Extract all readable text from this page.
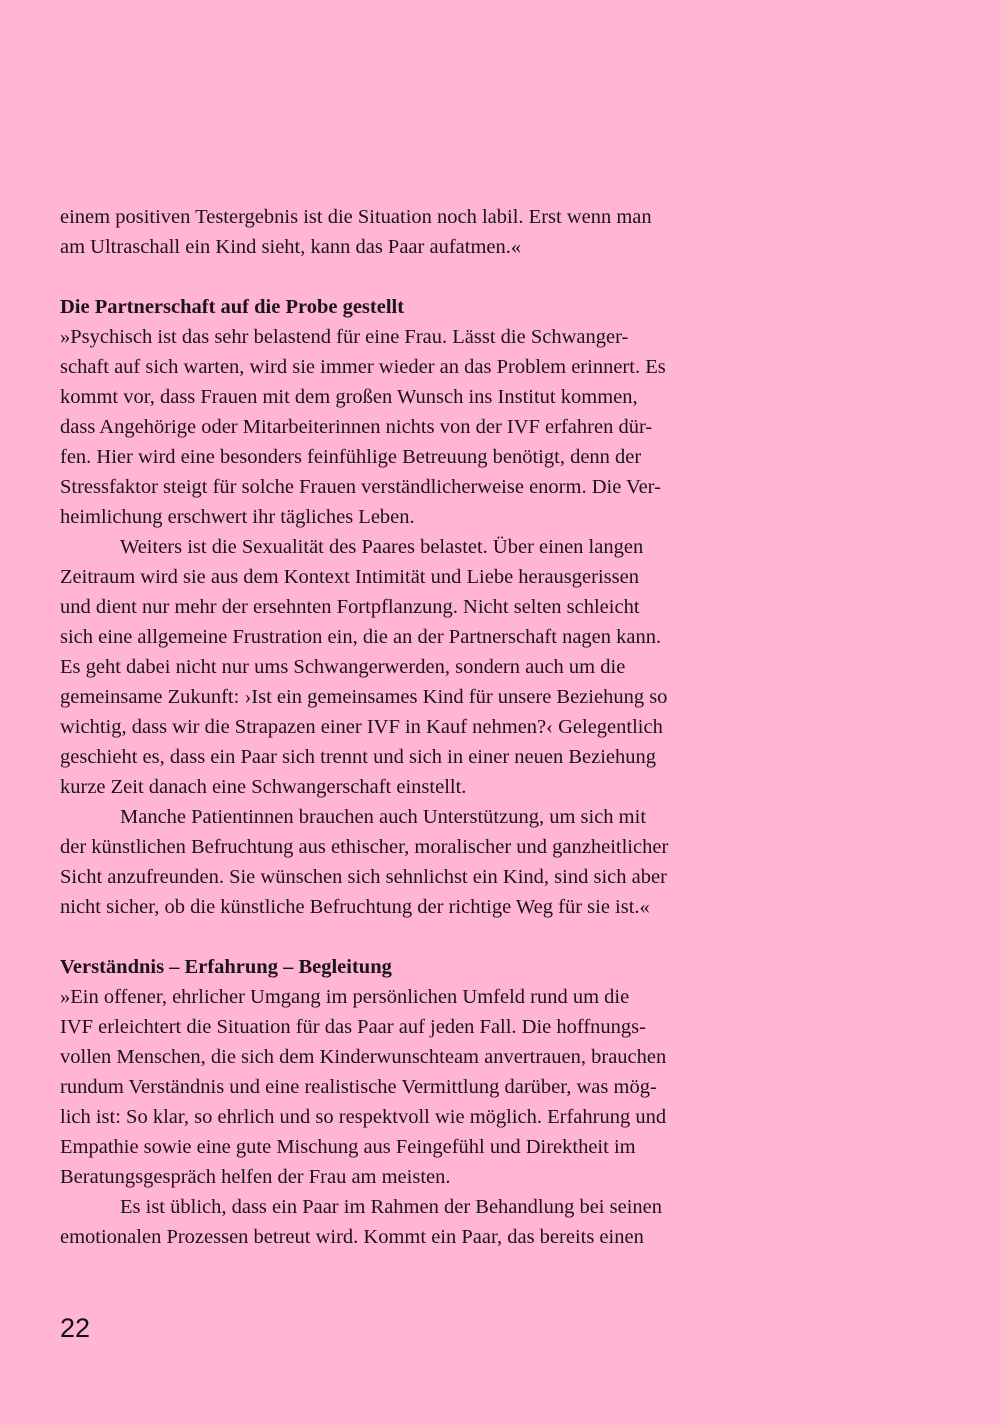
einem positiven Testergebnis ist die Situation noch labil. Erst wenn man
am Ultraschall ein Kind sieht, kann das Paar aufatmen.«
Die Partnerschaft auf die Probe gestellt
»Psychisch ist das sehr belastend für eine Frau. Lässt die Schwanger-
schaft auf sich warten, wird sie immer wieder an das Problem erinnert. Es
kommt vor, dass Frauen mit dem großen Wunsch ins Institut kommen,
dass Angehörige oder Mitarbeiterinnen nichts von der IVF erfahren dür-
fen. Hier wird eine besonders feinfühlige Betreuung benötigt, denn der
Stressfaktor steigt für solche Frauen verständlicherweise enorm. Die Ver-
heimlichung erschwert ihr tägliches Leben.
Weiters ist die Sexualität des Paares belastet. Über einen langen
Zeitraum wird sie aus dem Kontext Intimität und Liebe herausgerissen
und dient nur mehr der ersehnten Fortpflanzung. Nicht selten schleicht
sich eine allgemeine Frustration ein, die an der Partnerschaft nagen kann.
Es geht dabei nicht nur ums Schwangerwerden, sondern auch um die
gemeinsame Zukunft: ›Ist ein gemeinsames Kind für unsere Beziehung so
wichtig, dass wir die Strapazen einer IVF in Kauf nehmen?‹ Gelegentlich
geschieht es, dass ein Paar sich trennt und sich in einer neuen Beziehung
kurze Zeit danach eine Schwangerschaft einstellt.
Manche Patientinnen brauchen auch Unterstützung, um sich mit
der künstlichen Befruchtung aus ethischer, moralischer und ganzheitlicher
Sicht anzufreunden. Sie wünschen sich sehnlichst ein Kind, sind sich aber
nicht sicher, ob die künstliche Befruchtung der richtige Weg für sie ist.«
Verständnis – Erfahrung – Begleitung
»Ein offener, ehrlicher Umgang im persönlichen Umfeld rund um die
IVF erleichtert die Situation für das Paar auf jeden Fall. Die hoffnungs-
vollen Menschen, die sich dem Kinderwunschteam anvertrauen, brauchen
rundum Verständnis und eine realistische Vermittlung darüber, was mög-
lich ist: So klar, so ehrlich und so respektvoll wie möglich. Erfahrung und
Empathie sowie eine gute Mischung aus Feingefühl und Direktheit im
Beratungsgespräch helfen der Frau am meisten.
Es ist üblich, dass ein Paar im Rahmen der Behandlung bei seinen
emotionalen Prozessen betreut wird. Kommt ein Paar, das bereits einen
22
